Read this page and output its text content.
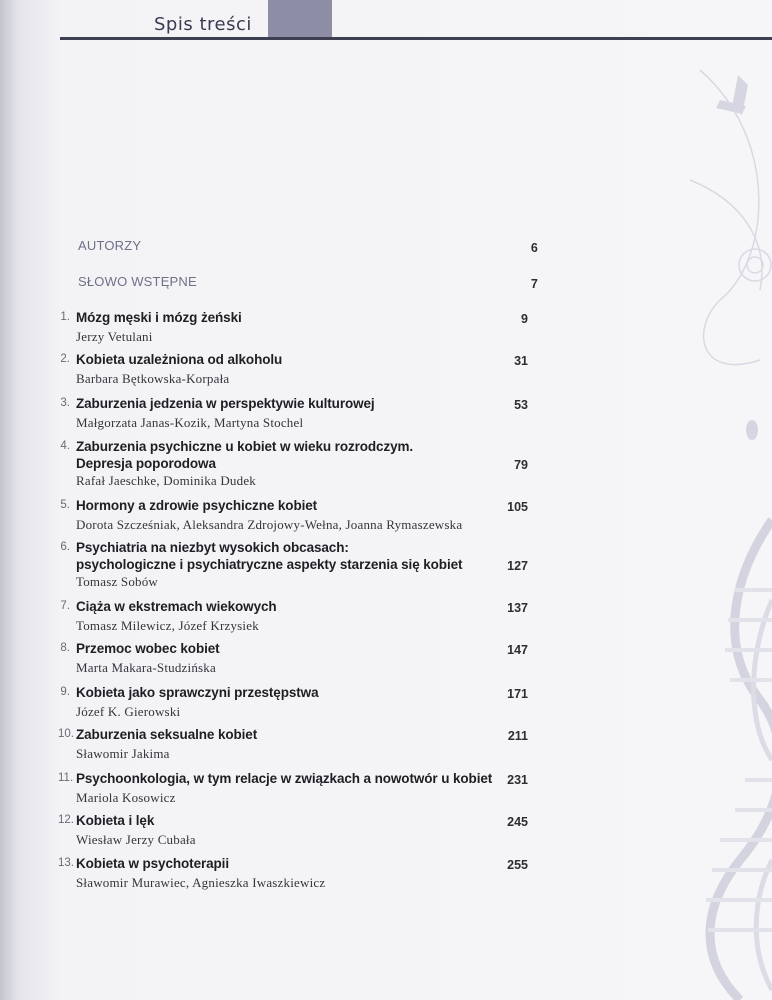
Spis treści
AUTORZY	6
SŁOWO WSTĘPNE	7
1. Mózg męski i mózg żeński	9
Jerzy Vetulani
2. Kobieta uzależniona od alkoholu	31
Barbara Bętkowska-Korpała
3. Zaburzenia jedzenia w perspektywie kulturowej	53
Małgorzata Janas-Kozik, Martyna Stochel
4. Zaburzenia psychiczne u kobiet w wieku rozrodczym.
Depresja poporodowa	79
Rafał Jaeschke, Dominika Dudek
5. Hormony a zdrowie psychiczne kobiet	105
Dorota Szcześniak, Aleksandra Zdrojowy-Wełna, Joanna Rymaszewska
6. Psychiatria na niezbyt wysokich obcasach:
psychologiczne i psychiatryczne aspekty starzenia się kobiet	127
Tomasz Sobów
7. Ciąża w ekstremach wiekowych	137
Tomasz Milewicz, Józef Krzysiek
8. Przemoc wobec kobiet	147
Marta Makara-Studzińska
9. Kobieta jako sprawczyni przestępstwa	171
Józef K. Gierowski
10. Zaburzenia seksualne kobiet	211
Sławomir Jakima
11. Psychoonkologia, w tym relacje w związkach a nowotwór u kobiet	231
Mariola Kosowicz
12. Kobieta i lęk	245
Wiesław Jerzy Cubała
13. Kobieta w psychoterapii	255
Sławomir Murawiec, Agnieszka Iwaszkiewicz
